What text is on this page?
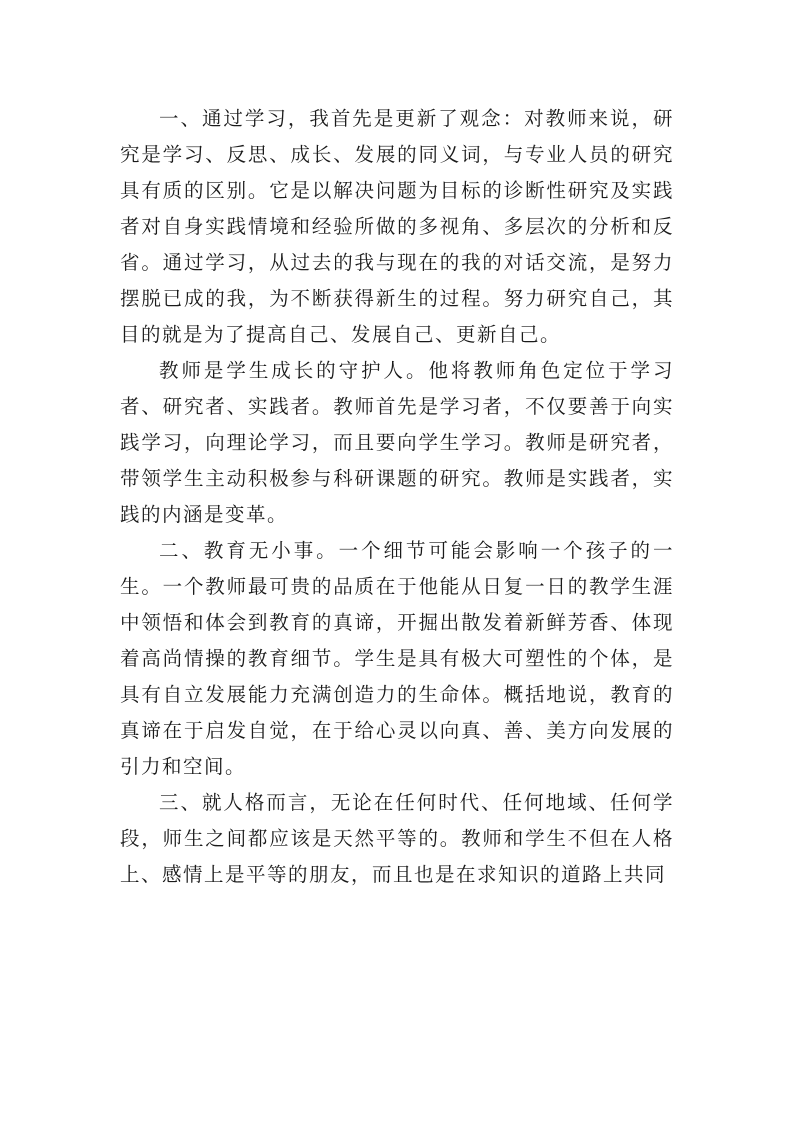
一、通过学习，我首先是更新了观念：对教师来说，研究是学习、反思、成长、发展的同义词，与专业人员的研究具有质的区别。它是以解决问题为目标的诊断性研究及实践者对自身实践情境和经验所做的多视角、多层次的分析和反省。通过学习，从过去的我与现在的我的对话交流，是努力摆脱已成的我，为不断获得新生的过程。努力研究自己，其目的就是为了提高自己、发展自己、更新自己。

教师是学生成长的守护人。他将教师角色定位于学习者、研究者、实践者。教师首先是学习者，不仅要善于向实践学习，向理论学习，而且要向学生学习。教师是研究者，带领学生主动积极参与科研课题的研究。教师是实践者，实践的内涵是变革。

二、教育无小事。一个细节可能会影响一个孩子的一生。一个教师最可贵的品质在于他能从日复一日的教学生涯中领悟和体会到教育的真谛，开掘出散发着新鲜芳香、体现着高尚情操的教育细节。学生是具有极大可塑性的个体，是具有自立发展能力充满创造力的生命体。概括地说，教育的真谛在于启发自觉，在于给心灵以向真、善、美方向发展的引力和空间。

三、就人格而言，无论在任何时代、任何地域、任何学段，师生之间都应该是天然平等的。教师和学生不但在人格上、感情上是平等的朋友，而且也是在求知识的道路上共同
